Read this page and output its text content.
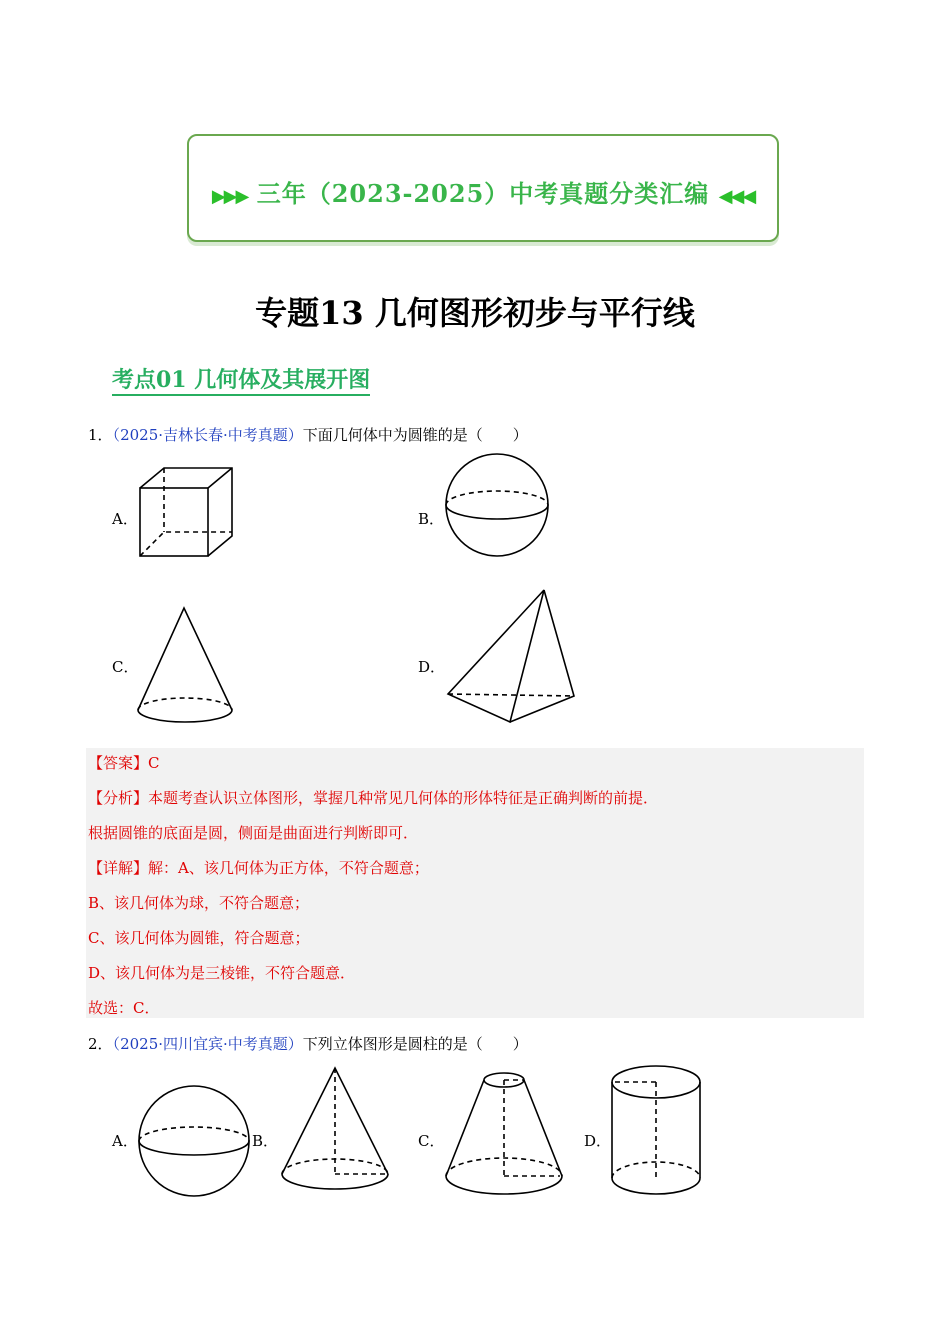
▶▶▶ 三年（2023-2025）中考真题分类汇编 ◀◀◀
专题13 几何图形初步与平行线
考点01 几何体及其展开图
1．（2025·吉林长春·中考真题）下面几何体中为圆锥的是（　　）
A．	B．
C．	D．
【答案】C
【分析】本题考查认识立体图形，掌握几种常见几何体的形体特征是正确判断的前提．
根据圆锥的底面是圆，侧面是曲面进行判断即可．
【详解】解：A、该几何体为正方体，不符合题意；
B、该几何体为球，不符合题意；
C、该几何体为圆锥，符合题意；
D、该几何体为是三棱锥，不符合题意．
故选：C．
2．（2025·四川宜宾·中考真题）下列立体图形是圆柱的是（　　）
A．	B．	C．	D．
